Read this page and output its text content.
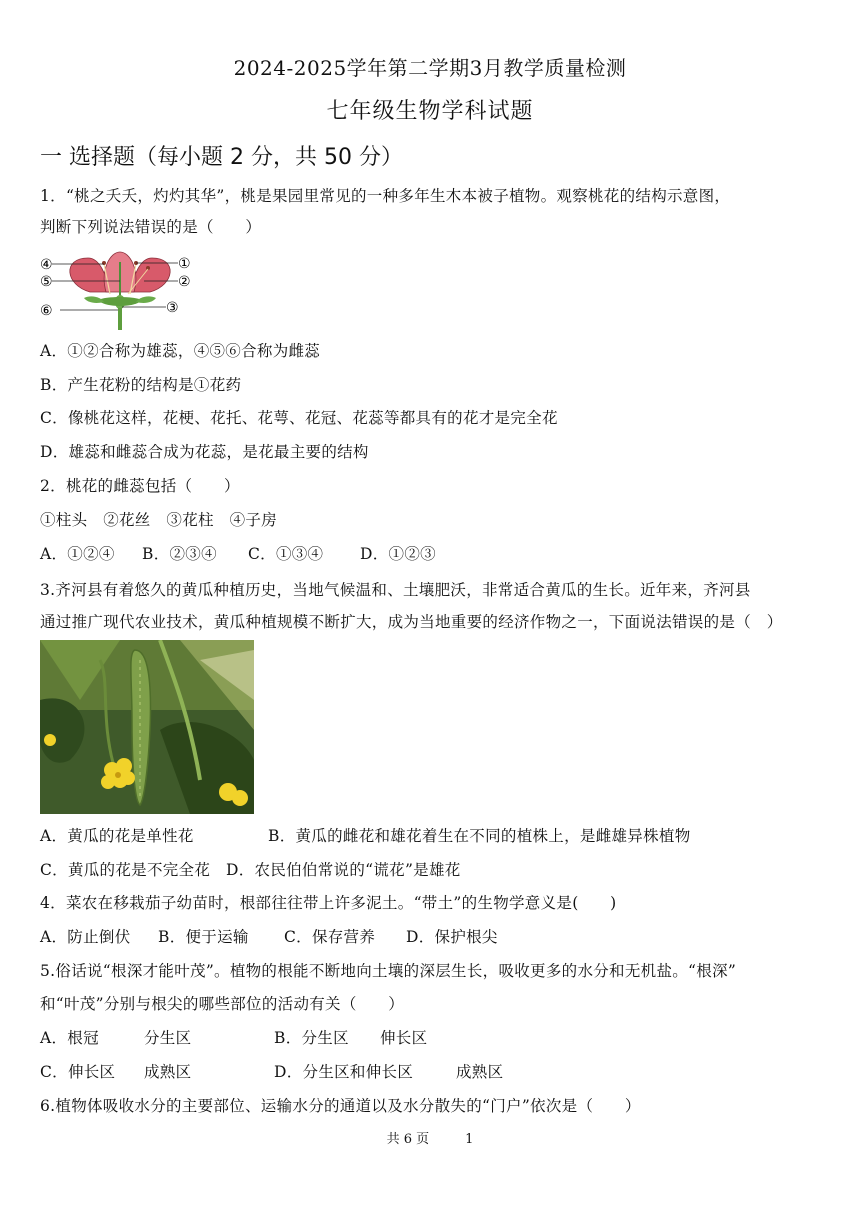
2024-2025学年第二学期3月教学质量检测
七年级生物学科试题
一 选择题（每小题 2 分，共 50 分）
1．“桃之夭夭，灼灼其华”，桃是果园里常见的一种多年生木本被子植物。观察桃花的结构示意图，
判断下列说法错误的是（　　）
④
⑤
⑥
①
②
③
A．①②合称为雄蕊，④⑤⑥合称为雌蕊
B．产生花粉的结构是①花药
C．像桃花这样，花梗、花托、花萼、花冠、花蕊等都具有的花才是完全花
D．雄蕊和雌蕊合成为花蕊，是花最主要的结构
2．桃花的雌蕊包括（　　）
①柱头　②花丝　③花柱　④子房
A．①②④ B．②③④ C．①③④ D．①②③
3.齐河县有着悠久的黄瓜种植历史，当地气候温和、土壤肥沃，非常适合黄瓜的生长。近年来，齐河县
通过推广现代农业技术，黄瓜种植规模不断扩大，成为当地重要的经济作物之一，下面说法错误的是（　）
A．黄瓜的花是单性花	B．黄瓜的雌花和雄花着生在不同的植株上，是雌雄异株植物
C．黄瓜的花是不完全花 D．农民伯伯常说的“谎花”是雄花
4．菜农在移栽茄子幼苗时，根部往往带上许多泥土。“带土”的生物学意义是(　　)
A．防止倒伏 B．便于运输 C．保存营养 D．保护根尖
5.俗话说“根深才能叶茂”。植物的根能不断地向土壤的深层生长，吸收更多的水分和无机盐。“根深”
和“叶茂”分别与根尖的哪些部位的活动有关（　　）
A．根冠	分生区	B．分生区 伸长区
C．伸长区 成熟区	D．分生区和伸长区	成熟区
6.植物体吸收水分的主要部位、运输水分的通道以及水分散失的“门户”依次是（　　）
共 6 页	1
